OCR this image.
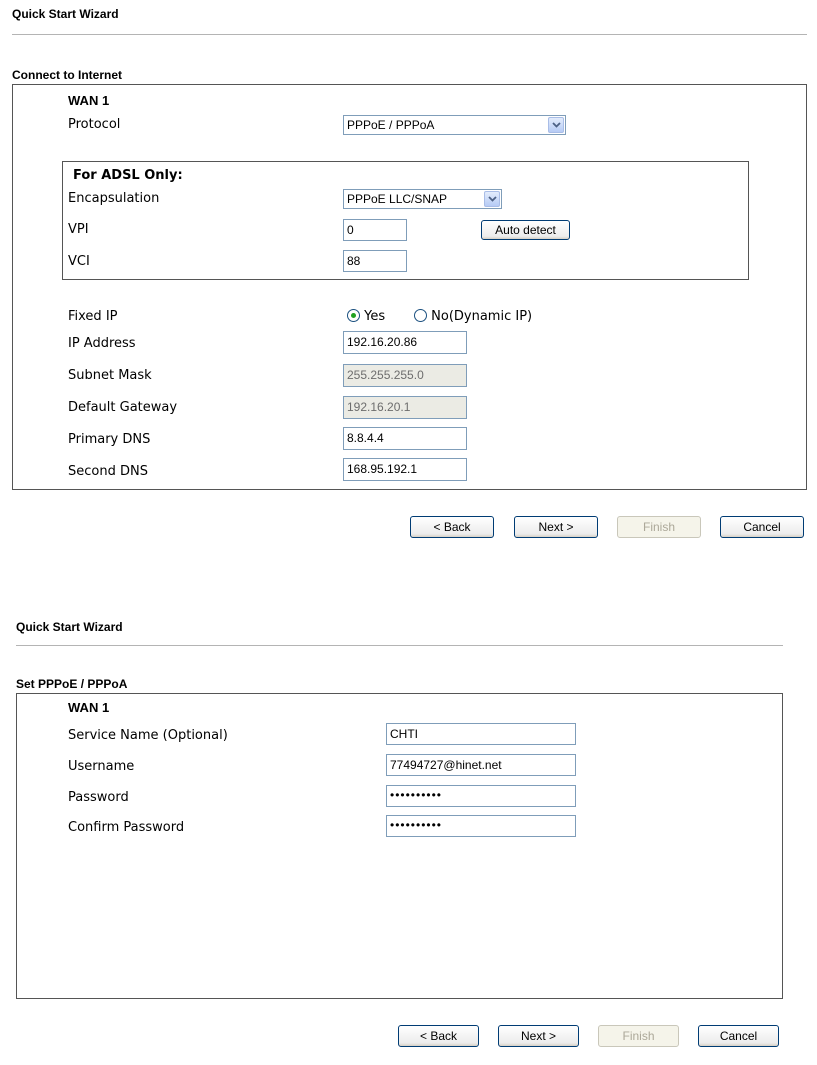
Quick Start Wizard
Connect to Internet
WAN 1
Protocol	PPPoE / PPPoA
For ADSL Only:
Encapsulation	PPPoE LLC/SNAP
VPI	0	Auto detect
VCI	88
Fixed IP	Yes	No(Dynamic IP)
IP Address	192.16.20.86
Subnet Mask	255.255.255.0
Default Gateway	192.16.20.1
Primary DNS	8.8.4.4
Second DNS	168.95.192.1
< Back	Next >	Finish	Cancel
Quick Start Wizard
Set PPPoE / PPPoA
WAN 1
Service Name (Optional)	CHTI
Username	77494727@hinet.net
Password	••••••••••
Confirm Password	••••••••••
< Back	Next >	Finish	Cancel
